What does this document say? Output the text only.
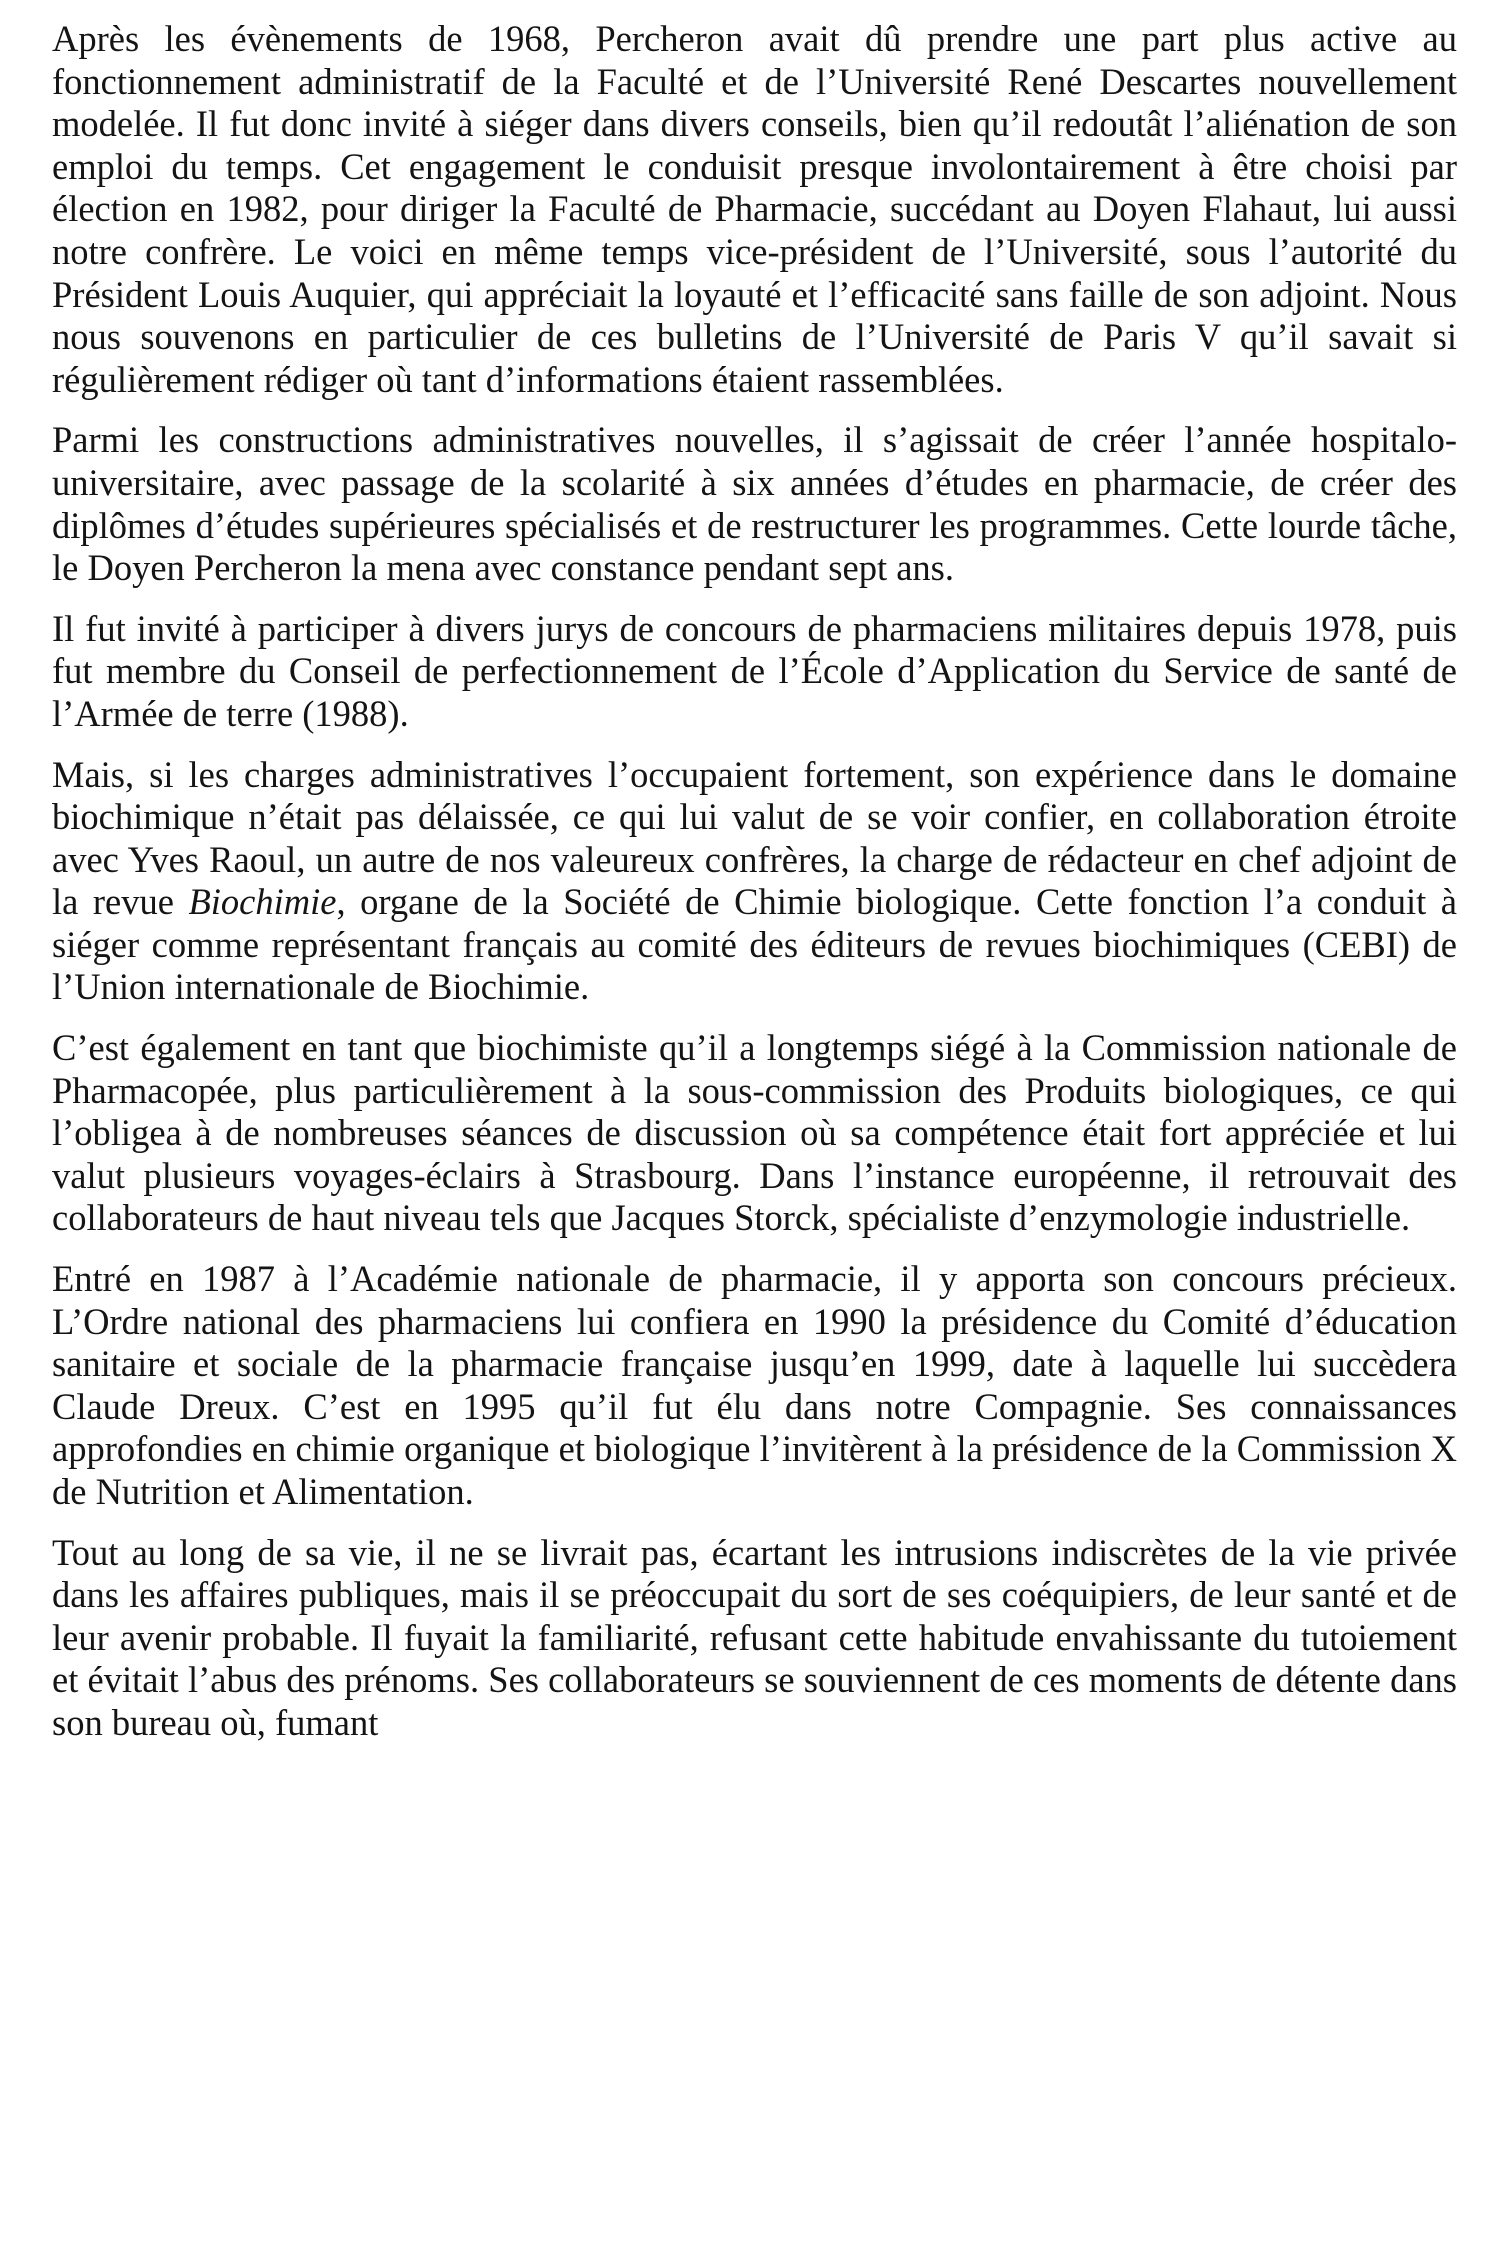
Après les évènements de 1968, Percheron avait dû prendre une part plus active au fonctionnement administratif de la Faculté et de l’Université René Descartes nouvellement modelée. Il fut donc invité à siéger dans divers conseils, bien qu’il redoutât l’aliénation de son emploi du temps. Cet engagement le conduisit presque involontairement à être choisi par élection en 1982, pour diriger la Faculté de Pharmacie, succédant au Doyen Flahaut, lui aussi notre confrère. Le voici en même temps vice-président de l’Université, sous l’autorité du Président Louis Auquier, qui appréciait la loyauté et l’efficacité sans faille de son adjoint. Nous nous souvenons en particulier de ces bulletins de l’Université de Paris V qu’il savait si régulièrement rédiger où tant d’informations étaient rassemblées.

Parmi les constructions administratives nouvelles, il s’agissait de créer l’année hospitalo-universitaire, avec passage de la scolarité à six années d’études en pharmacie, de créer des diplômes d’études supérieures spécialisés et de restructurer les programmes. Cette lourde tâche, le Doyen Percheron la mena avec constance pendant sept ans.

Il fut invité à participer à divers jurys de concours de pharmaciens militaires depuis 1978, puis fut membre du Conseil de perfectionnement de l’École d’Application du Service de santé de l’Armée de terre (1988).

Mais, si les charges administratives l’occupaient fortement, son expérience dans le domaine biochimique n’était pas délaissée, ce qui lui valut de se voir confier, en collaboration étroite avec Yves Raoul, un autre de nos valeureux confrères, la charge de rédacteur en chef adjoint de la revue Biochimie, organe de la Société de Chimie biologique. Cette fonction l’a conduit à siéger comme représentant français au comité des éditeurs de revues biochimiques (CEBI) de l’Union internationale de Biochimie.

C’est également en tant que biochimiste qu’il a longtemps siégé à la Commission nationale de Pharmacopée, plus particulièrement à la sous-commission des Produits biologiques, ce qui l’obligea à de nombreuses séances de discussion où sa compétence était fort appréciée et lui valut plusieurs voyages-éclairs à Strasbourg. Dans l’instance européenne, il retrouvait des collaborateurs de haut niveau tels que Jacques Storck, spécialiste d’enzymologie industrielle.

Entré en 1987 à l’Académie nationale de pharmacie, il y apporta son concours précieux. L’Ordre national des pharmaciens lui confiera en 1990 la présidence du Comité d’éducation sanitaire et sociale de la pharmacie française jusqu’en 1999, date à laquelle lui succèdera Claude Dreux. C’est en 1995 qu’il fut élu dans notre Compagnie. Ses connaissances approfondies en chimie organique et biologique l’invitèrent à la présidence de la Commission X de Nutrition et Alimentation.

Tout au long de sa vie, il ne se livrait pas, écartant les intrusions indiscrètes de la vie privée dans les affaires publiques, mais il se préoccupait du sort de ses coéquipiers, de leur santé et de leur avenir probable. Il fuyait la familiarité, refusant cette habitude envahissante du tutoiement et évitait l’abus des prénoms. Ses collaborateurs se souviennent de ces moments de détente dans son bureau où, fumant
